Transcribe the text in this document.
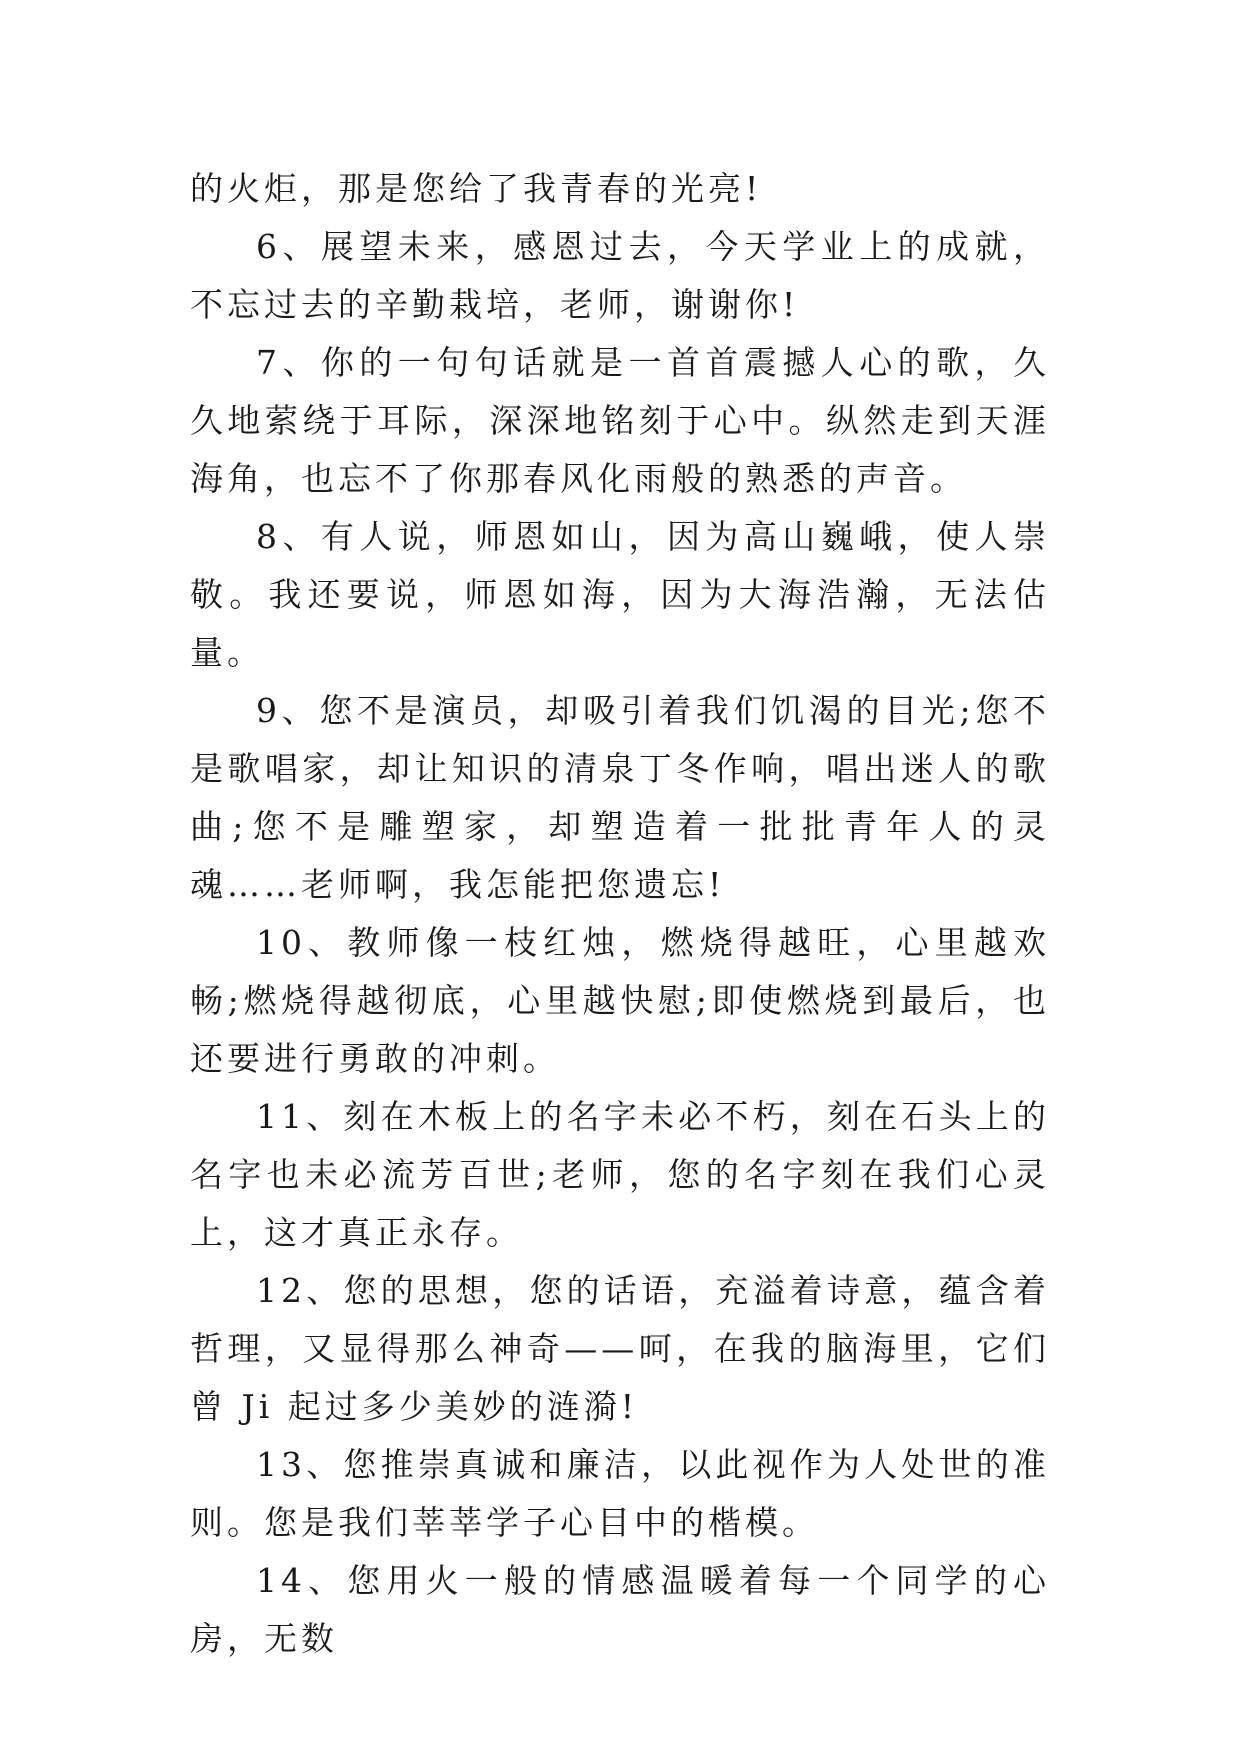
的火炬，那是您给了我青春的光亮!

6、展望未来，感恩过去，今天学业上的成就，不忘过去的辛勤栽培，老师，谢谢你!

7、你的一句句话就是一首首震撼人心的歌，久久地萦绕于耳际，深深地铭刻于心中。纵然走到天涯海角，也忘不了你那春风化雨般的熟悉的声音。

8、有人说，师恩如山，因为高山巍峨，使人崇敬。我还要说，师恩如海，因为大海浩瀚，无法估量。

9、您不是演员，却吸引着我们饥渴的目光;您不是歌唱家，却让知识的清泉丁冬作响，唱出迷人的歌曲;您不是雕塑家，却塑造着一批批青年人的灵魂……老师啊，我怎能把您遗忘!

10、教师像一枝红烛，燃烧得越旺，心里越欢畅;燃烧得越彻底，心里越快慰;即使燃烧到最后，也还要进行勇敢的冲刺。

11、刻在木板上的名字未必不朽，刻在石头上的名字也未必流芳百世;老师，您的名字刻在我们心灵上，这才真正永存。

12、您的思想，您的话语，充溢着诗意，蕴含着哲理，又显得那么神奇——呵，在我的脑海里，它们曾 Ji 起过多少美妙的涟漪!

13、您推崇真诚和廉洁，以此视作为人处世的准则。您是我们莘莘学子心目中的楷模。

14、您用火一般的情感温暖着每一个同学的心房，无数
